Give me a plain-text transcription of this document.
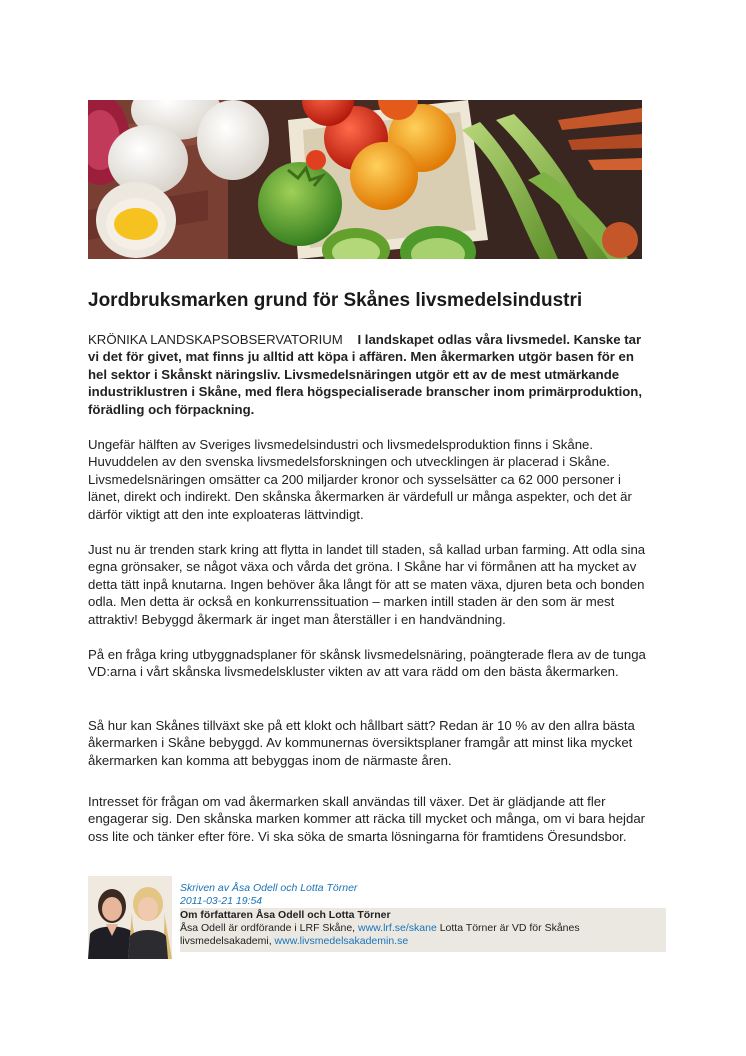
Jordbruksmarken grund för Skånes livsmedelsindustri
KRÖNIKA LANDSKAPSOBSERVATORIUM I landskapet odlas våra livsmedel. Kanske tar vi det för givet, mat finns ju alltid att köpa i affären. Men åkermarken utgör basen för en hel sektor i Skånskt näringsliv. Livsmedelsnäringen utgör ett av de mest utmärkande industriklustren i Skåne, med flera högspecialiserade branscher inom primärproduktion, förädling och förpackning.

Ungefär hälften av Sveriges livsmedelsindustri och livsmedelsproduktion finns i Skåne. Huvuddelen av den svenska livsmedelsforskningen och utvecklingen är placerad i Skåne. Livsmedelsnäringen omsätter ca 200 miljarder kronor och sysselsätter ca 62 000 personer i länet, direkt och indirekt. Den skånska åkermarken är värdefull ur många aspekter, och det är därför viktigt att den inte exploateras lättvindigt.

Just nu är trenden stark kring att flytta in landet till staden, så kallad urban farming. Att odla sina egna grönsaker, se något växa och vårda det gröna. I Skåne har vi förmånen att ha mycket av detta tätt inpå knutarna. Ingen behöver åka långt för att se maten växa, djuren beta och bonden odla. Men detta är också en konkurrenssituation – marken intill staden är den som är mest attraktiv! Bebyggd åkermark är inget man återställer i en handvändning.

På en fråga kring utbyggnadsplaner för skånsk livsmedelsnäring, poängterade flera av de tunga VD:arna i vårt skånska livsmedelskluster vikten av att vara rädd om den bästa åkermarken.

Så hur kan Skånes tillväxt ske på ett klokt och hållbart sätt? Redan är 10 % av den allra bästa åkermarken i Skåne bebyggd. Av kommunernas översiktsplaner framgår att minst lika mycket åkermarken kan komma att bebyggas inom de närmaste åren.

Intresset för frågan om vad åkermarken skall användas till växer. Det är glädjande att fler engagerar sig. Den skånska marken kommer att räcka till mycket och många, om vi bara hejdar oss lite och tänker efter före. Vi ska söka de smarta lösningarna för framtidens Öresundsbor.

Skriven av Åsa Odell och Lotta Törner
2011-03-21 19:54
Om författaren Åsa Odell och Lotta Törner
Åsa Odell är ordförande i LRF Skåne, www.lrf.se/skane Lotta Törner är VD för Skånes livsmedelsakademi, www.livsmedelsakademin.se
